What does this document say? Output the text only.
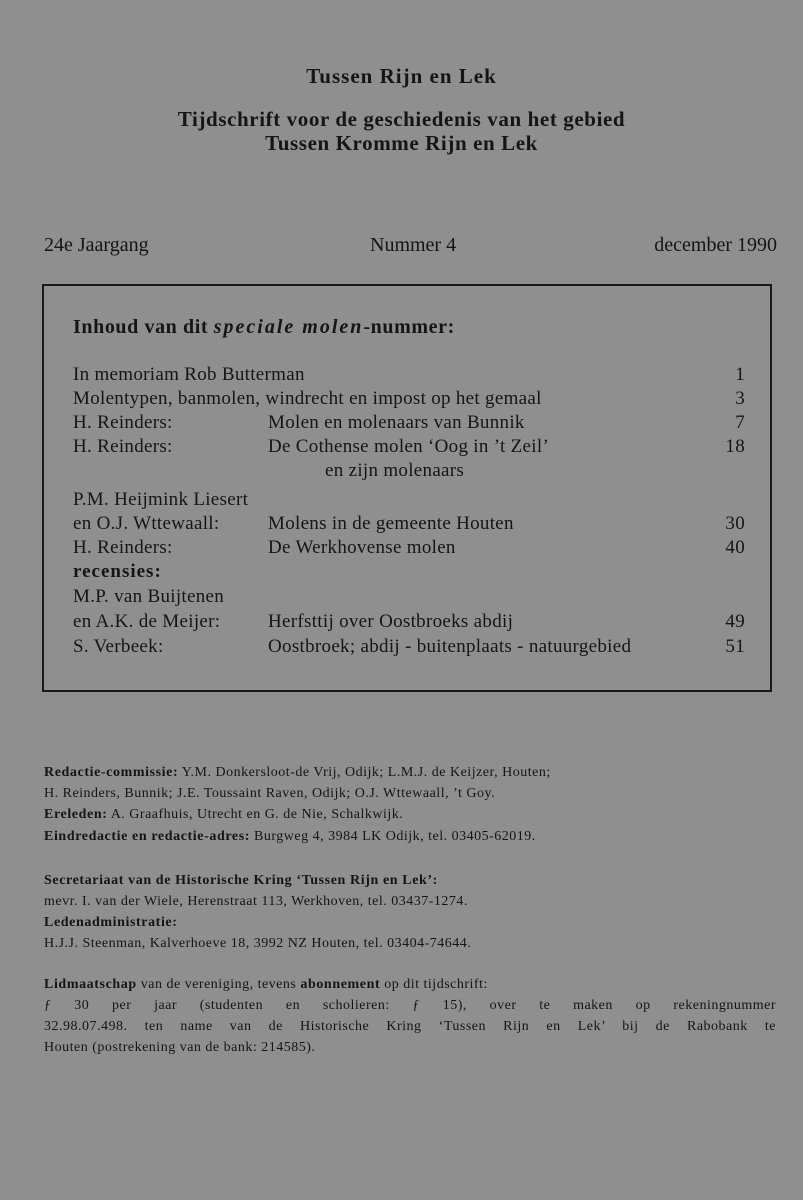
Tussen Rijn en Lek
Tijdschrift voor de geschiedenis van het gebied
Tussen Kromme Rijn en Lek
24e Jaargang	Nummer 4	december 1990
Inhoud van dit speciale molen-nummer:
In memoriam Rob Butterman	1
Molentypen, banmolen, windrecht en impost op het gemaal	3
H. Reinders:	Molen en molenaars van Bunnik	7
H. Reinders:	De Cothense molen ‘Oog in ’t Zeil’	18
en zijn molenaars
P.M. Heijmink Liesert
en O.J. Wttewaall:	Molens in de gemeente Houten	30
H. Reinders:	De Werkhovense molen	40
recensies:
M.P. van Buijtenen
en A.K. de Meijer:	Herfsttij over Oostbroeks abdij	49
S. Verbeek:	Oostbroek; abdij - buitenplaats - natuurgebied	51
Redactie-commissie: Y.M. Donkersloot-de Vrij, Odijk; L.M.J. de Keijzer, Houten;
H. Reinders, Bunnik; J.E. Toussaint Raven, Odijk; O.J. Wttewaall, ’t Goy.
Ereleden: A. Graafhuis, Utrecht en G. de Nie, Schalkwijk.
Eindredactie en redactie-adres: Burgweg 4, 3984 LK Odijk, tel. 03405-62019.
Secretariaat van de Historische Kring ‘Tussen Rijn en Lek’:
mevr. I. van der Wiele, Herenstraat 113, Werkhoven, tel. 03437-1274.
Ledenadministratie:
H.J.J. Steenman, Kalverhoeve 18, 3992 NZ Houten, tel. 03404-74644.
Lidmaatschap van de vereniging, tevens abonnement op dit tijdschrift:
ƒ 30 per jaar (studenten en scholieren: ƒ 15), over te maken op rekeningnummer
32.98.07.498. ten name van de Historische Kring ‘Tussen Rijn en Lek’ bij de Rabobank te
Houten (postrekening van de bank: 214585).
